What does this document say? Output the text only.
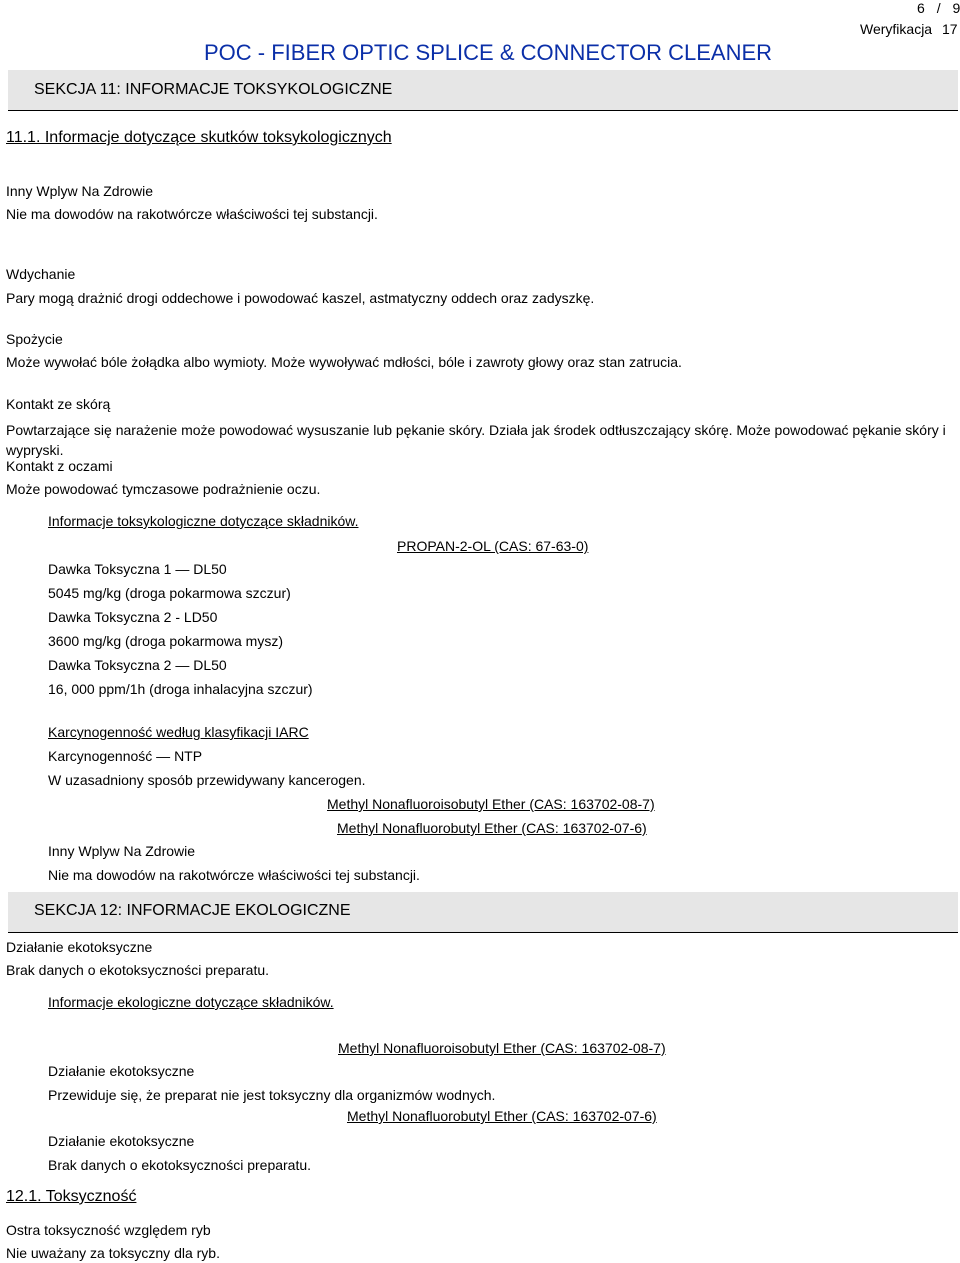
6 / 9
Weryfikacja 17
POC - FIBER OPTIC SPLICE & CONNECTOR CLEANER
SEKCJA 11: INFORMACJE TOKSYKOLOGICZNE
11.1. Informacje dotyczące skutków toksykologicznych
Inny Wplyw Na Zdrowie
Nie ma dowodów na rakotwórcze właściwości tej substancji.
Wdychanie
Pary mogą drażnić drogi oddechowe i powodować kaszel, astmatyczny oddech oraz zadyszkę.
Spożycie
Może wywołać bóle żołądka albo wymioty. Może wywoływać mdłości, bóle i zawroty głowy oraz stan zatrucia.
Kontakt ze skórą
Powtarzające się narażenie może powodować wysuszanie lub pękanie skóry. Działa jak środek odtłuszczający skórę. Może powodować pękanie skóry i wypryski.
Kontakt z oczami
Może powodować tymczasowe podrażnienie oczu.
Informacje toksykologiczne dotyczące składników.
PROPAN-2-OL (CAS: 67-63-0)
Dawka Toksyczna 1 — DL50
5045 mg/kg (droga pokarmowa szczur)
Dawka Toksyczna 2 - LD50
3600 mg/kg (droga pokarmowa mysz)
Dawka Toksyczna 2 — DL50
16, 000 ppm/1h (droga inhalacyjna szczur)
Karcynogenność według klasyfikacji IARC
Karcynogenność — NTP
W uzasadniony sposób przewidywany kancerogen.
Methyl Nonafluoroisobutyl Ether (CAS: 163702-08-7)
Methyl Nonafluorobutyl Ether (CAS: 163702-07-6)
Inny Wplyw Na Zdrowie
Nie ma dowodów na rakotwórcze właściwości tej substancji.
SEKCJA 12: INFORMACJE EKOLOGICZNE
Działanie ekotoksyczne
Brak danych o ekotoksyczności preparatu.
Informacje ekologiczne dotyczące składników.
Methyl Nonafluoroisobutyl Ether (CAS: 163702-08-7)
Działanie ekotoksyczne
Przewiduje się, że preparat nie jest toksyczny dla organizmów wodnych.
Methyl Nonafluorobutyl Ether (CAS: 163702-07-6)
Działanie ekotoksyczne
Brak danych o ekotoksyczności preparatu.
12.1. Toksyczność
Ostra toksyczność względem ryb
Nie uważany za toksyczny dla ryb.
